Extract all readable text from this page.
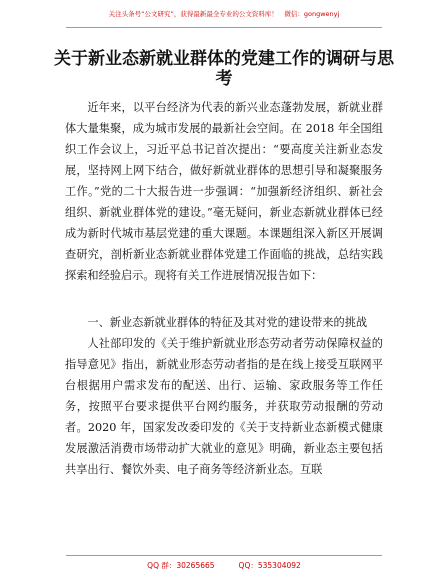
关注头条号“公文研究”，获得最新最全专业的公文资料库！　微信：gongwenyj
关于新业态新就业群体的党建工作的调研与思考

近年来，以平台经济为代表的新兴业态蓬勃发展，新就业群体大量集聚，成为城市发展的最新社会空间。在 2018 年全国组织工作会议上，习近平总书记首次提出：“要高度关注新业态发展，坚持网上网下结合，做好新就业群体的思想引导和凝聚服务工作。”党的二十大报告进一步强调：“加强新经济组织、新社会组织、新就业群体党的建设。”毫无疑问，新业态新就业群体已经成为新时代城市基层党建的重大课题。本课题组深入新区开展调查研究，剖析新业态新就业群体党建工作面临的挑战，总结实践探索和经验启示。现将有关工作进展情况报告如下：

一、新业态新就业群体的特征及其对党的建设带来的挑战

人社部印发的《关于维护新就业形态劳动者劳动保障权益的指导意见》指出，新就业形态劳动者指的是在线上接受互联网平台根据用户需求发布的配送、出行、运输、家政服务等工作任务，按照平台要求提供平台网约服务，并获取劳动报酬的劳动者。2020 年，国家发改委印发的《关于支持新业态新模式健康发展激活消费市场带动扩大就业的意见》明确，新业态主要包括共享出行、餐饮外卖、电子商务等经济新业态。互联

QQ 群：30265665	QQ：535304092
